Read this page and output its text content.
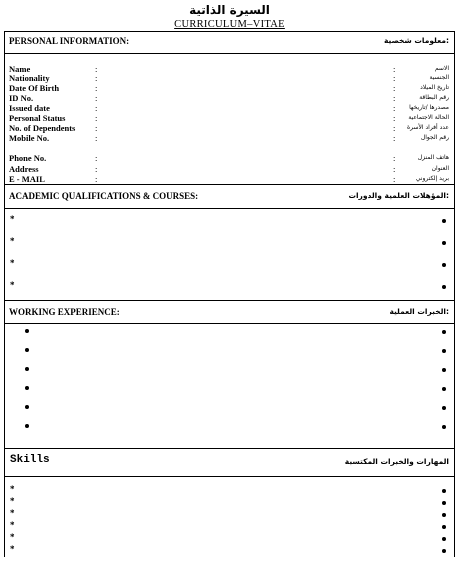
السيرة الذاتية
CURRICULUM–VITAE
PERSONAL INFORMATION:	معلومات شخصية:
Name	:	:	الاسم
Nationality	:	:	الجنسية
Date Of Birth	:	:	تاريخ الميلاد
ID No.	:	:	رقم البطاقة
Issued date	:	: مصدرها /تاريخها
Personal Status	:	: الحالة الاجتماعية
No. of Dependents :	: عدد أفراد الأسرة
Mobile No.	:	:	رقم الجوال
Phone No.	:	:	هاتف المنزل
Address	:	:	العنوان
E - MAIL	:	:	بريد إلكتروني
ACADEMIC QUALIFICATIONS & COURSES:	المؤهلات العلمية والدورات:
*
*
*
*
WORKING EXPERIENCE:	الخبرات العملية:
Skills	المهارات والخبرات المكتسبة
*
*
*
*
*
*
